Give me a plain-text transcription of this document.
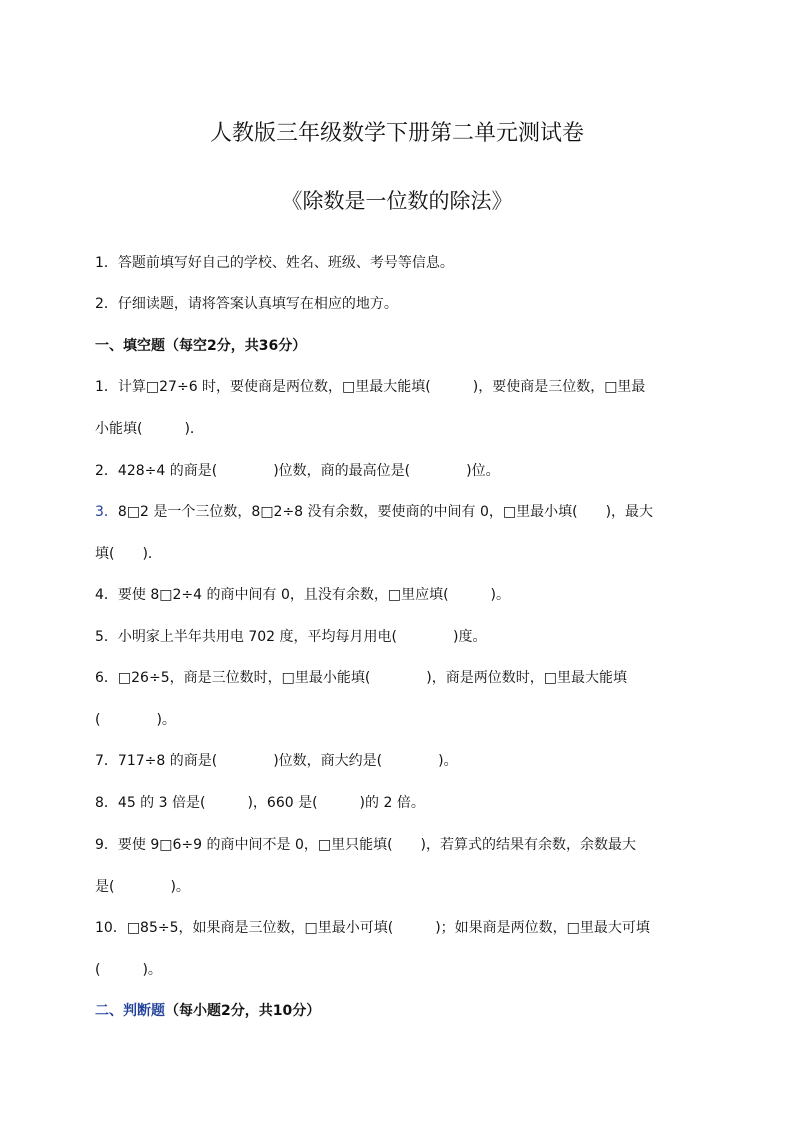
人教版三年级数学下册第二单元测试卷
《除数是一位数的除法》
1．答题前填写好自己的学校、姓名、班级、考号等信息。
2．仔细读题，请将答案认真填写在相应的地方。
一、填空题（每空2分，共36分）
1．计算□27÷6 时，要使商是两位数，□里最大能填(　　　)，要使商是三位数，□里最
小能填(　　　)．
2．428÷4 的商是(　　　　)位数，商的最高位是(　　　　)位。
3．8□2 是一个三位数，8□2÷8 没有余数，要使商的中间有 0，□里最小填(　　)，最大
填(　　)．
4．要使 8□2÷4 的商中间有 0，且没有余数，□里应填(　　　)。
5．小明家上半年共用电 702 度，平均每月用电(　　　　)度。
6．□26÷5，商是三位数时，□里最小能填(　　　　)，商是两位数时，□里最大能填
(　　　　)。
7．717÷8 的商是(　　　　)位数，商大约是(　　　　)。
8．45 的 3 倍是(　　　)，660 是(　　　)的 2 倍。
9．要使 9□6÷9 的商中间不是 0，□里只能填(　　)，若算式的结果有余数，余数最大
是(　　　　)。
10．□85÷5，如果商是三位数，□里最小可填(　　　)；如果商是两位数，□里最大可填
(　　　)。
二、判断题（每小题2分，共10分）
